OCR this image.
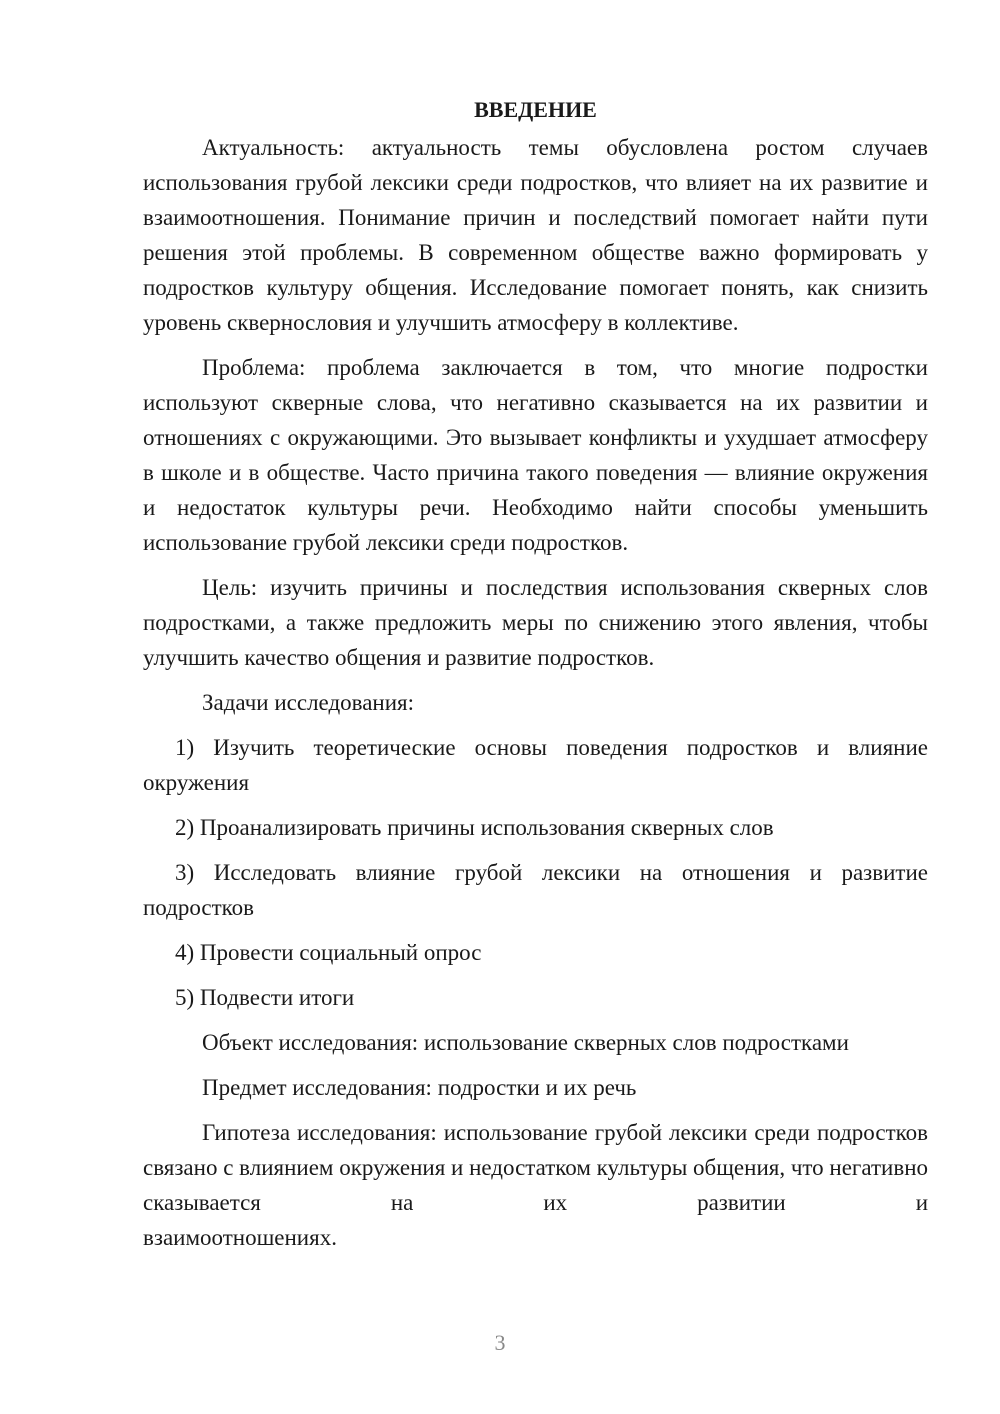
ВВЕДЕНИЕ

Актуальность: актуальность темы обусловлена ростом случаев использования грубой лексики среди подростков, что влияет на их развитие и взаимоотношения. Понимание причин и последствий помогает найти пути решения этой проблемы. В современном обществе важно формировать у подростков культуру общения. Исследование помогает понять, как снизить уровень сквернословия и улучшить атмосферу в коллективе.

Проблема: проблема заключается в том, что многие подростки используют скверные слова, что негативно сказывается на их развитии и отношениях с окружающими. Это вызывает конфликты и ухудшает атмосферу в школе и в обществе. Часто причина такого поведения — влияние окружения и недостаток культуры речи. Необходимо найти способы уменьшить использование грубой лексики среди подростков.

Цель: изучить причины и последствия использования скверных слов подростками, а также предложить меры по снижению этого явления, чтобы улучшить качество общения и развитие подростков.

Задачи исследования:

1) Изучить теоретические основы поведения подростков и влияние окружения

2) Проанализировать причины использования скверных слов

3) Исследовать влияние грубой лексики на отношения и развитие подростков

4) Провести социальный опрос

5) Подвести итоги

Объект исследования: использование скверных слов подростками

Предмет исследования: подростки и их речь

Гипотеза исследования: использование грубой лексики среди подростков связано с влиянием окружения и недостатком культуры общения, что негативно сказывается на их развитии и

взаимоотношениях.

3
